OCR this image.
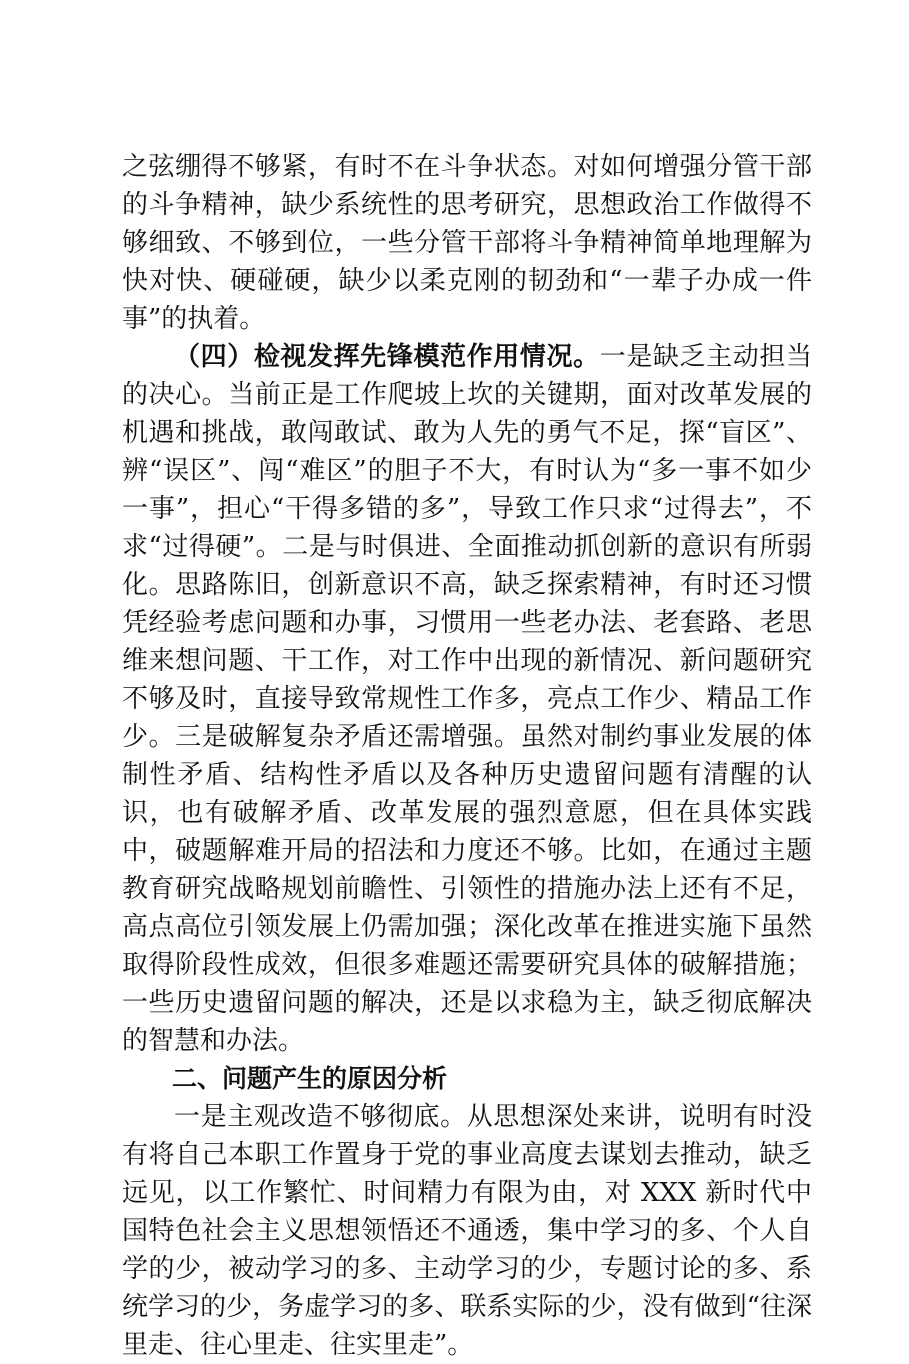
之弦绷得不够紧，有时不在斗争状态。对如何增强分管干部的斗争精神，缺少系统性的思考研究，思想政治工作做得不够细致、不够到位，一些分管干部将斗争精神简单地理解为快对快、硬碰硬，缺少以柔克刚的韧劲和“一辈子办成一件事”的执着。

（四）检视发挥先锋模范作用情况。一是缺乏主动担当的决心。当前正是工作爬坡上坎的关键期，面对改革发展的机遇和挑战，敢闯敢试、敢为人先的勇气不足，探“盲区”、辨“误区”、闯“难区”的胆子不大，有时认为“多一事不如少一事”，担心“干得多错的多”，导致工作只求“过得去”，不求“过得硬”。二是与时俱进、全面推动抓创新的意识有所弱化。思路陈旧，创新意识不高，缺乏探索精神，有时还习惯凭经验考虑问题和办事，习惯用一些老办法、老套路、老思维来想问题、干工作，对工作中出现的新情况、新问题研究不够及时，直接导致常规性工作多，亮点工作少、精品工作少。三是破解复杂矛盾还需增强。虽然对制约事业发展的体制性矛盾、结构性矛盾以及各种历史遗留问题有清醒的认识，也有破解矛盾、改革发展的强烈意愿，但在具体实践中，破题解难开局的招法和力度还不够。比如，在通过主题教育研究战略规划前瞻性、引领性的措施办法上还有不足，高点高位引领发展上仍需加强；深化改革在推进实施下虽然取得阶段性成效，但很多难题还需要研究具体的破解措施；一些历史遗留问题的解决，还是以求稳为主，缺乏彻底解决的智慧和办法。

二、问题产生的原因分析

一是主观改造不够彻底。从思想深处来讲，说明有时没有将自己本职工作置身于党的事业高度去谋划去推动，缺乏远见，以工作繁忙、时间精力有限为由，对 XXX 新时代中国特色社会主义思想领悟还不通透，集中学习的多、个人自学的少，被动学习的多、主动学习的少，专题讨论的多、系统学习的少，务虚学习的多、联系实际的少，没有做到“往深里走、往心里走、往实里走”。
